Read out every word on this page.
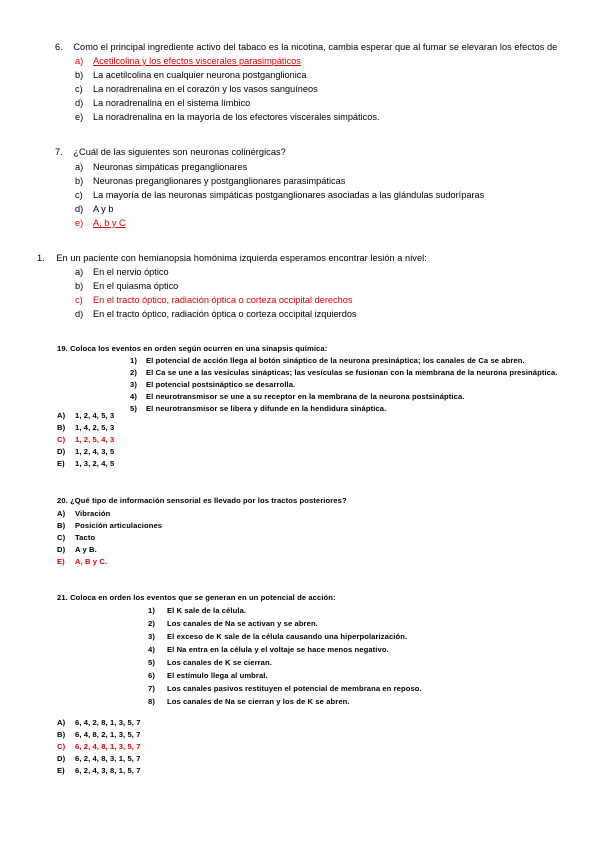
6. Como el principal ingrediente activo del tabaco es la nicotina, cambia esperar que al fumar se elevaran los efectos de
a) Acetilcolina y los efectos viscerales parasimpáticos
b) La acetilcolina en cualquier neurona postganglionica
c) La noradrenalina en el corazón y los vasos sanguíneos
d) La noradrenalina en el sistema límbico
e) La noradrenalina en la mayoría de los efectores viscerales simpáticos.
7. ¿Cuál de las siguientes son neuronas colinérgicas?
a) Neuronas simpáticas preganglionares
b) Neuronas preganglionares y postganglionares parasimpáticas
c) La mayoría de las neuronas simpáticas postganglionares asociadas a las glándulas sudoríparas
d) A y b
e) A, b y C
1. En un paciente con hemianopsia homónima izquierda esperamos encontrar lesión a nivel:
a) En el nervio óptico
b) En el quiasma óptico
c) En el tracto óptico, radiación óptica o corteza occipital derechos
d) En el tracto óptico, radiación óptica o corteza occipital izquierdos
19. Coloca los eventos en orden según ocurren en una sinapsis química:
1) El potencial de acción llega al botón sináptico de la neurona presináptica; los canales de Ca se abren.
2) El Ca se une a las vesículas sinápticas; las vesículas se fusionan con la membrana de la neurona presináptica.
3) El potencial postsináptico se desarrolla.
4) El neurotransmisor se une a su receptor en la membrana de la neurona postsináptica.
5) El neurotransmisor se libera y difunde en la hendidura sináptica.
A) 1, 2, 4, 5, 3
B) 1, 4, 2, 5, 3
C) 1, 2, 5, 4, 3
D) 1, 2, 4, 3, 5
E) 1, 3, 2, 4, 5
20. ¿Qué tipo de información sensorial es llevado por los tractos posteriores?
A) Vibración
B) Posición articulaciones
C) Tacto
D) A y B.
E) A, B y C.
21. Coloca en orden los eventos que se generan en un potencial de acción:
1) El K sale de la célula.
2) Los canales de Na se activan y se abren.
3) El exceso de K sale de la célula causando una hiperpolarización.
4) El Na entra en la célula y el voltaje se hace menos negativo.
5) Los canales de K se cierran.
6) El estímulo llega al umbral.
7) Los canales pasivos restituyen el potencial de membrana en reposo.
8) Los canales de Na se cierran y los de K se abren.
A) 6, 4, 2, 8, 1, 3, 5, 7
B) 6, 4, 8, 2, 1, 3, 5, 7
C) 6, 2, 4, 8, 1, 3, 5, 7
D) 6, 2, 4, 8, 3, 1, 5, 7
E) 6, 2, 4, 3, 8, 1, 5, 7
